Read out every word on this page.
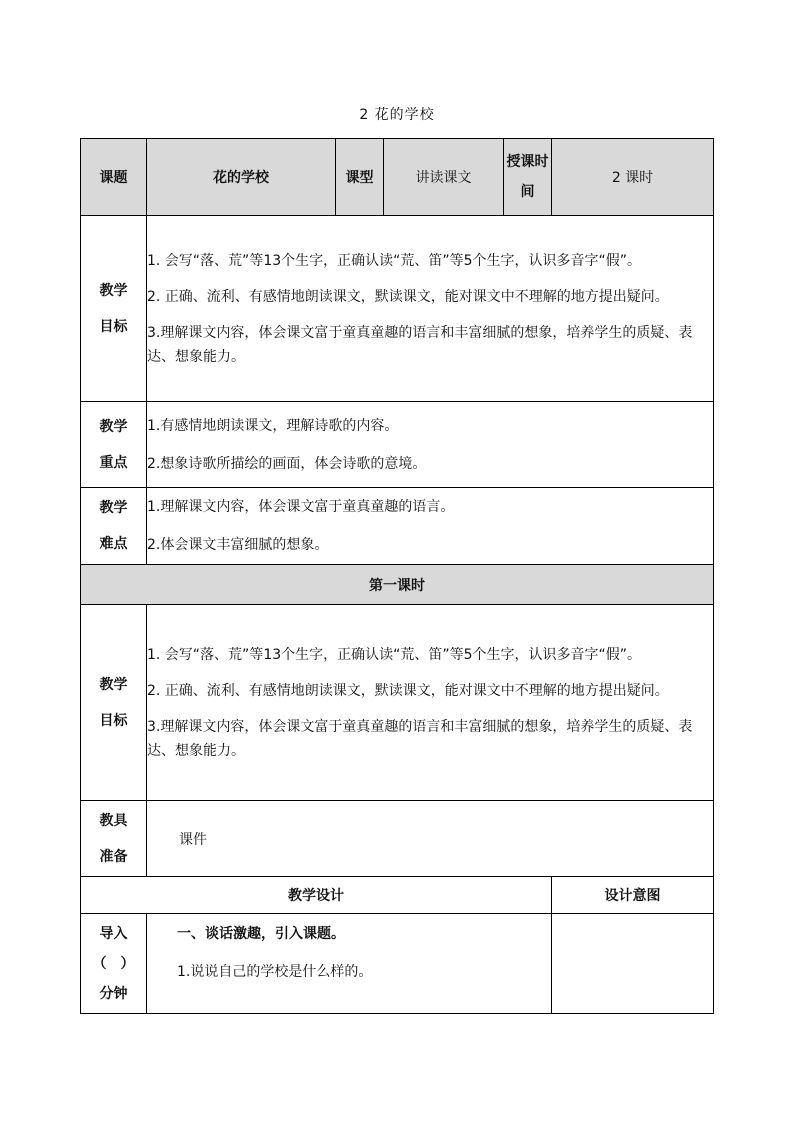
2 花的学校
课题	花的学校	课型	讲读课文	授课时间	2 课时

教学目标	1. 会写“落、荒”等13个生字，正确认读“荒、笛”等5个生字，认识多音字“假”。

2. 正确、流利、有感情地朗读课文，默读课文，能对课文中不理解的地方提出疑问。

3.理解课文内容，体会课文富于童真童趣的语言和丰富细腻的想象，培养学生的质疑、表达、想象能力。				

教学重点	1.有感情地朗读课文，理解诗歌的内容。

2.想象诗歌所描绘的画面，体会诗歌的意境。				

教学难点	1.理解课文内容，体会课文富于童真童趣的语言。

2.体会课文丰富细腻的想象。				

第一课时					

教学目标	1. 会写“落、荒”等13个生字，正确认读“荒、笛”等5个生字，认识多音字“假”。

2. 正确、流利、有感情地朗读课文，默读课文，能对课文中不理解的地方提出疑问。

3.理解课文内容，体会课文富于童真童趣的语言和丰富细腻的想象，培养学生的质疑、表达、想象能力。				

教具准备	课件				
教学设计					设计意图

导入（　）分钟	一、谈话激趣，引入课题。

1.说说自己的学校是什么样的。				
